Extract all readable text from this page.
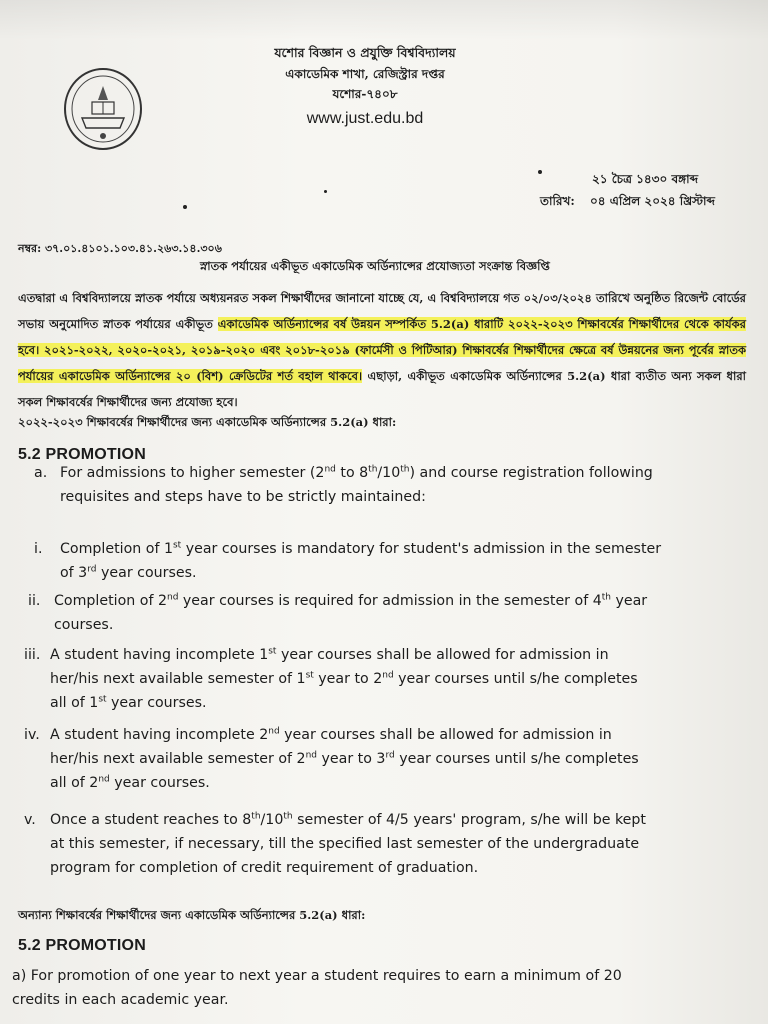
যশোর বিজ্ঞান ও প্রযুক্তি বিশ্ববিদ্যালয়
একাডেমিক শাখা, রেজিস্ট্রার দপ্তর
যশোর-৭৪০৮
www.just.edu.bd
২১ চৈত্র ১৪৩০ বঙ্গাব্দ
তারিখ:	০৪ এপ্রিল ২০২৪ খ্রিস্টাব্দ
নম্বর: ৩৭.০১.৪১০১.১০৩.৪১.২৬৩.১৪.৩০৬
স্নাতক পর্যায়ের একীভূত একাডেমিক অর্ডিন্যান্সের প্রযোজ্যতা সংক্রান্ত বিজ্ঞপ্তি
এতদ্বারা এ বিশ্ববিদ্যালয়ে স্নাতক পর্যায়ে অধ্যয়নরত সকল শিক্ষার্থীদের জানানো যাচ্ছে যে, এ বিশ্ববিদ্যালয়ে গত ০২/০৩/২০২৪ তারিখে অনুষ্ঠিত রিজেন্ট বোর্ডের সভায় অনুমোদিত স্নাতক পর্যায়ের একীভূত একাডেমিক অর্ডিন্যান্সের বর্ষ উন্নয়ন সম্পর্কিত 5.2(a) ধারাটি ২০২২-২০২৩ শিক্ষাবর্ষের শিক্ষার্থীদের থেকে কার্যকর হবে। ২০২১-২০২২, ২০২০-২০২১, ২০১৯-২০২০ এবং ২০১৮-২০১৯ (ফার্মেসী ও পিটিআর) শিক্ষাবর্ষের শিক্ষার্থীদের ক্ষেত্রে বর্ষ উন্নয়নের জন্য পূর্বের স্নাতক পর্যায়ের একাডেমিক অর্ডিন্যান্সের ২০ (বিশ) ক্রেডিটের শর্ত বহাল থাকবে। এছাড়া, একীভূত একাডেমিক অর্ডিন্যান্সের 5.2(a) ধারা ব্যতীত অন্য সকল ধারা সকল শিক্ষাবর্ষের শিক্ষার্থীদের জন্য প্রযোজ্য হবে।
২০২২-২০২৩ শিক্ষাবর্ষের শিক্ষার্থীদের জন্য একাডেমিক অর্ডিন্যান্সের 5.2(a) ধারা:
5.2 PROMOTION
a. For admissions to higher semester (2nd to 8th/10th) and course registration following
requisites and steps have to be strictly maintained:
i. Completion of 1st year courses is mandatory for student's admission in the semester
of 3rd year courses.
ii. Completion of 2nd year courses is required for admission in the semester of 4th year
courses.
iii. A student having incomplete 1st year courses shall be allowed for admission in
her/his next available semester of 1st year to 2nd year courses until s/he completes
all of 1st year courses.
iv. A student having incomplete 2nd year courses shall be allowed for admission in
her/his next available semester of 2nd year to 3rd year courses until s/he completes
all of 2nd year courses.
v. Once a student reaches to 8th/10th semester of 4/5 years' program, s/he will be kept
at this semester, if necessary, till the specified last semester of the undergraduate
program for completion of credit requirement of graduation.
অন্যান্য শিক্ষাবর্ষের শিক্ষার্থীদের জন্য একাডেমিক অর্ডিন্যান্সের 5.2(a) ধারা:
5.2 PROMOTION
a) For promotion of one year to next year a student requires to earn a minimum of 20
credits in each academic year.
